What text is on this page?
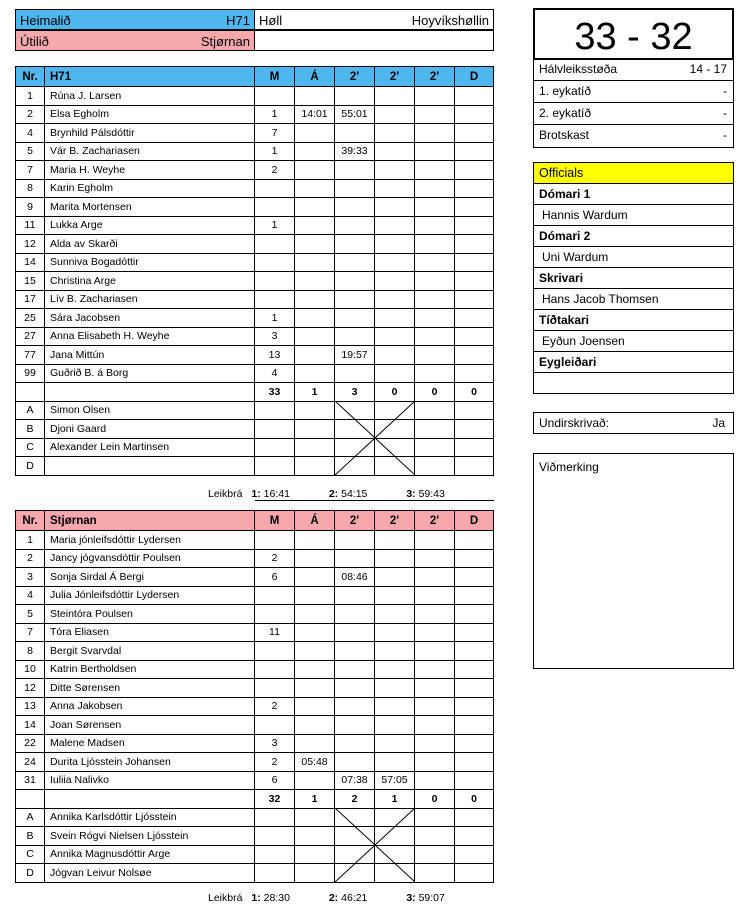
Heimalið	H71
Útilið	Stjørnan
Høll	Hoyvíkshøllin
Nr.	H71	M	Á	2'	2'	2'	D
1	Rúna J. Larsen						
2	Elsa Egholm	1	14:01	55:01			
4	Brynhild Pálsdóttir	7					
5	Vár B. Zachariasen	1		39:33			
7	Maria H. Weyhe	2					
8	Karin Egholm						
9	Marita Mortensen						
11	Lukka Arge	1					
12	Alda av Skarði						
14	Sunniva Bogadóttir						
15	Christina Arge						
17	Lív B. Zachariasen						
25	Sára Jacobsen	1					
27	Anna Elisabeth H. Weyhe	3					
77	Jana Mittún	13		19:57			
99	Guðrið B. á Borg	4					
		33	1	3	0	0	0
A	Simon Olsen						
B	Djoni Gaard						
C	Alexander Lein Martinsen						
D							
Leikbrá 1: 16:41	2: 54:15	3: 59:43
Nr.	Stjørnan	M	Á	2'	2'	2'	D
1	Maria jónleifsdóttir Lydersen						
2	Jancy jógvansdóttir Poulsen	2					
3	Sonja Sirdal Á Bergi	6		08:46			
4	Julia Jónleifsdóttir Lydersen						
5	Steintóra Poulsen						
7	Tóra Eliasen	11					
8	Bergit Svarvdal						
10	Katrin Bertholdsen						
12	Ditte Sørensen						
13	Anna Jakobsen	2					
14	Joan Sørensen						
22	Malene Madsen	3					
24	Durita Ljósstein Johansen	2	05:48				
31	Iuliia Nalivko	6		07:38	57:05		
		32	1	2	1	0	0
A	Annika Karlsdóttir Ljósstein						
B	Svein Rógvi Nielsen Ljósstein						
C	Annika Magnusdóttir Arge						
D	Jógvan Leivur Nolsøe						
Leikbrá 1: 28:30	2: 46:21	3: 59:07
33 - 32
Hálvleiksstøða	14 - 17
1. eykatíð	-
2. eykatíð	-
Brotskast	-
Officials
Dómari 1
Hannis Wardum
Dómari 2
Uni Wardum
Skrivari
Hans Jacob Thomsen
Tíðtakari
Eyðun Joensen
Eygleiðari
Undirskrivað:	Ja
Viðmerking
